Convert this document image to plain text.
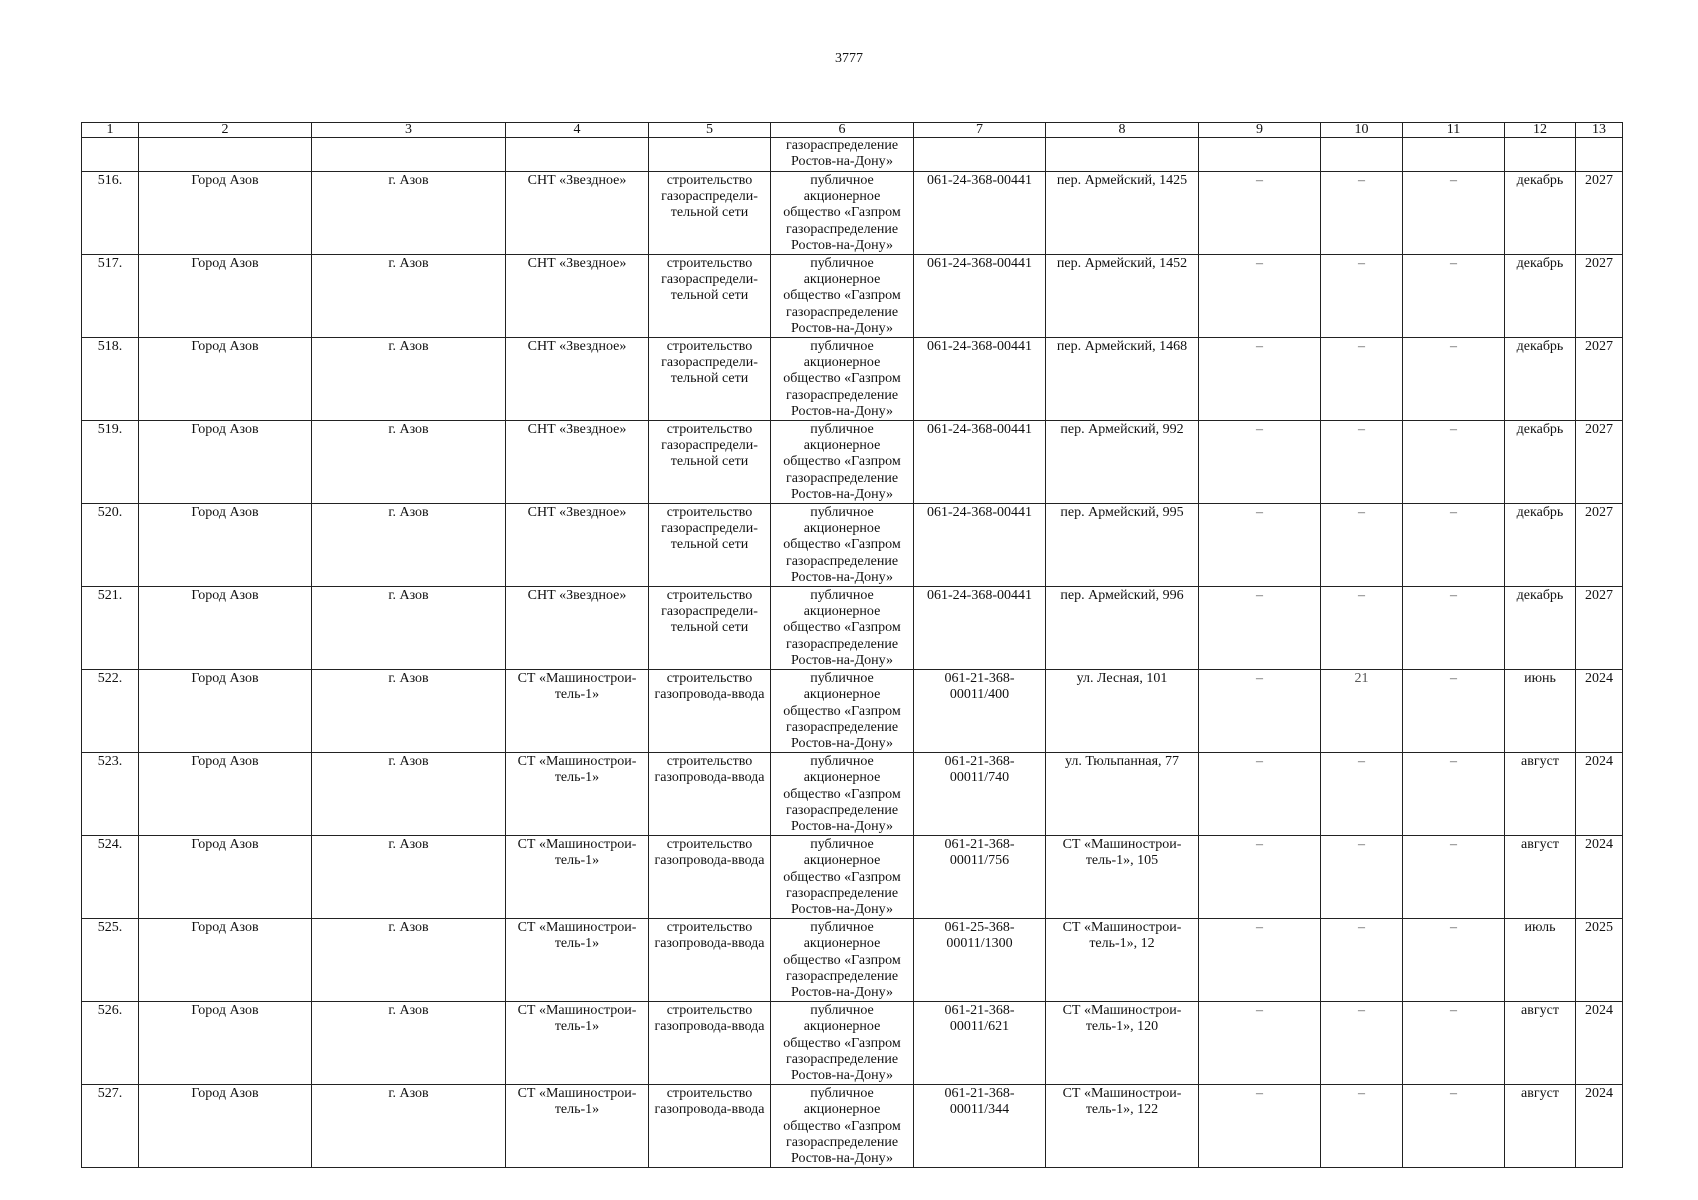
3777
1	2	3	4	5	6	7	8	9	10	11	12	13
					газораспределение Ростов-на-Дону»							
516.	Город Азов	г. Азов	СНТ «Звездное»	строительство газораспредели-тельной сети	публичное акционерное общество «Газпром газораспределение Ростов-на-Дону»	061-24-368-00441	пер. Армейский, 1425	–	–	–	декабрь	2027
517.	Город Азов	г. Азов	СНТ «Звездное»	строительство газораспредели-тельной сети	публичное акционерное общество «Газпром газораспределение Ростов-на-Дону»	061-24-368-00441	пер. Армейский, 1452	–	–	–	декабрь	2027
518.	Город Азов	г. Азов	СНТ «Звездное»	строительство газораспредели-тельной сети	публичное акционерное общество «Газпром газораспределение Ростов-на-Дону»	061-24-368-00441	пер. Армейский, 1468	–	–	–	декабрь	2027
519.	Город Азов	г. Азов	СНТ «Звездное»	строительство газораспредели-тельной сети	публичное акционерное общество «Газпром газораспределение Ростов-на-Дону»	061-24-368-00441	пер. Армейский, 992	–	–	–	декабрь	2027
520.	Город Азов	г. Азов	СНТ «Звездное»	строительство газораспредели-тельной сети	публичное акционерное общество «Газпром газораспределение Ростов-на-Дону»	061-24-368-00441	пер. Армейский, 995	–	–	–	декабрь	2027
521.	Город Азов	г. Азов	СНТ «Звездное»	строительство газораспредели-тельной сети	публичное акционерное общество «Газпром газораспределение Ростов-на-Дону»	061-24-368-00441	пер. Армейский, 996	–	–	–	декабрь	2027
522.	Город Азов	г. Азов	СТ «Машинострои-тель-1»	строительство газопровода-ввода	публичное акционерное общество «Газпром газораспределение Ростов-на-Дону»	061-21-368-00011/400	ул. Лесная, 101	–	21	–	июнь	2024
523.	Город Азов	г. Азов	СТ «Машинострои-тель-1»	строительство газопровода-ввода	публичное акционерное общество «Газпром газораспределение Ростов-на-Дону»	061-21-368-00011/740	ул. Тюльпанная, 77	–	–	–	август	2024
524.	Город Азов	г. Азов	СТ «Машинострои-тель-1»	строительство газопровода-ввода	публичное акционерное общество «Газпром газораспределение Ростов-на-Дону»	061-21-368-00011/756	СТ «Машинострои-тель-1», 105	–	–	–	август	2024
525.	Город Азов	г. Азов	СТ «Машинострои-тель-1»	строительство газопровода-ввода	публичное акционерное общество «Газпром газораспределение Ростов-на-Дону»	061-25-368-00011/1300	СТ «Машинострои-тель-1», 12	–	–	–	июль	2025
526.	Город Азов	г. Азов	СТ «Машинострои-тель-1»	строительство газопровода-ввода	публичное акционерное общество «Газпром газораспределение Ростов-на-Дону»	061-21-368-00011/621	СТ «Машинострои-тель-1», 120	–	–	–	август	2024
527.	Город Азов	г. Азов	СТ «Машинострои-тель-1»	строительство газопровода-ввода	публичное акционерное общество «Газпром газораспределение Ростов-на-Дону»	061-21-368-00011/344	СТ «Машинострои-тель-1», 122	–	–	–	август	2024
